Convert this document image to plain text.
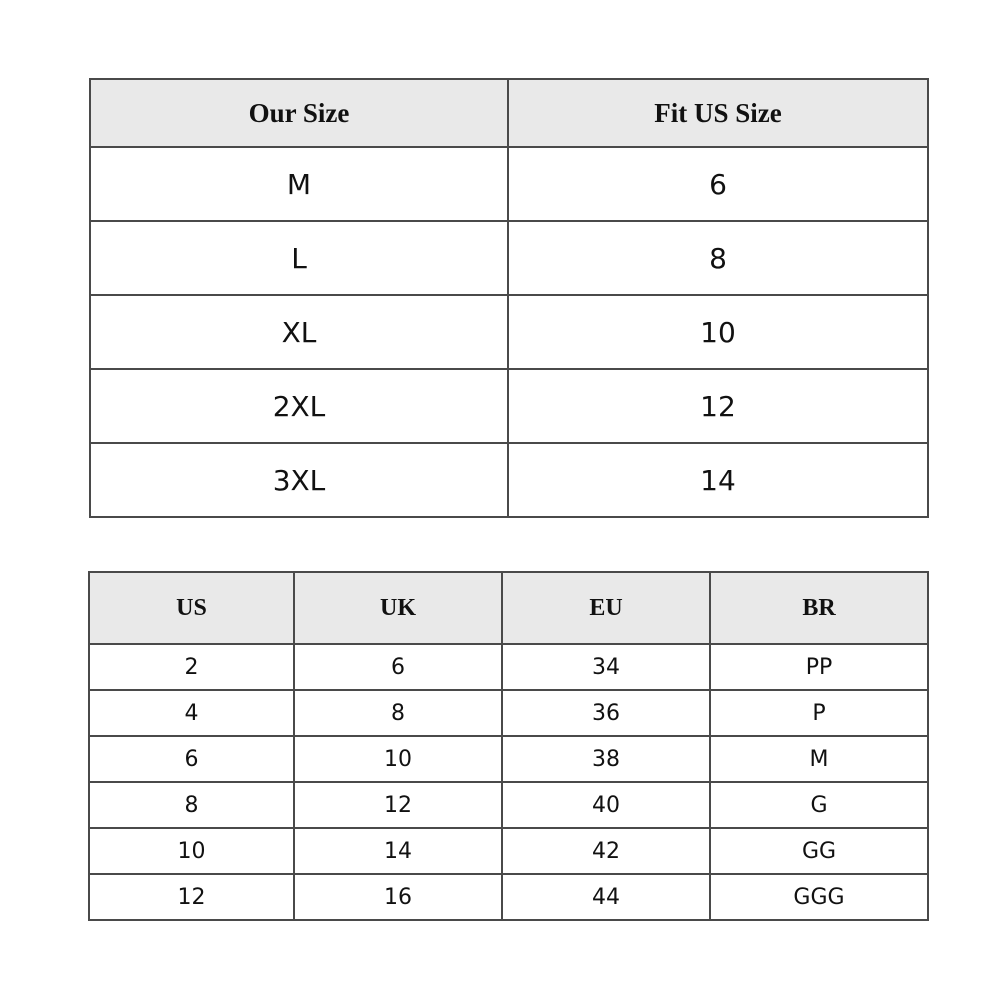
Our Size	Fit US Size
M	6
L	8
XL	10
2XL	12
3XL	14
US	UK	EU	BR
2	6	34	PP
4	8	36	P
6	10	38	M
8	12	40	G
10	14	42	GG
12	16	44	GGG
